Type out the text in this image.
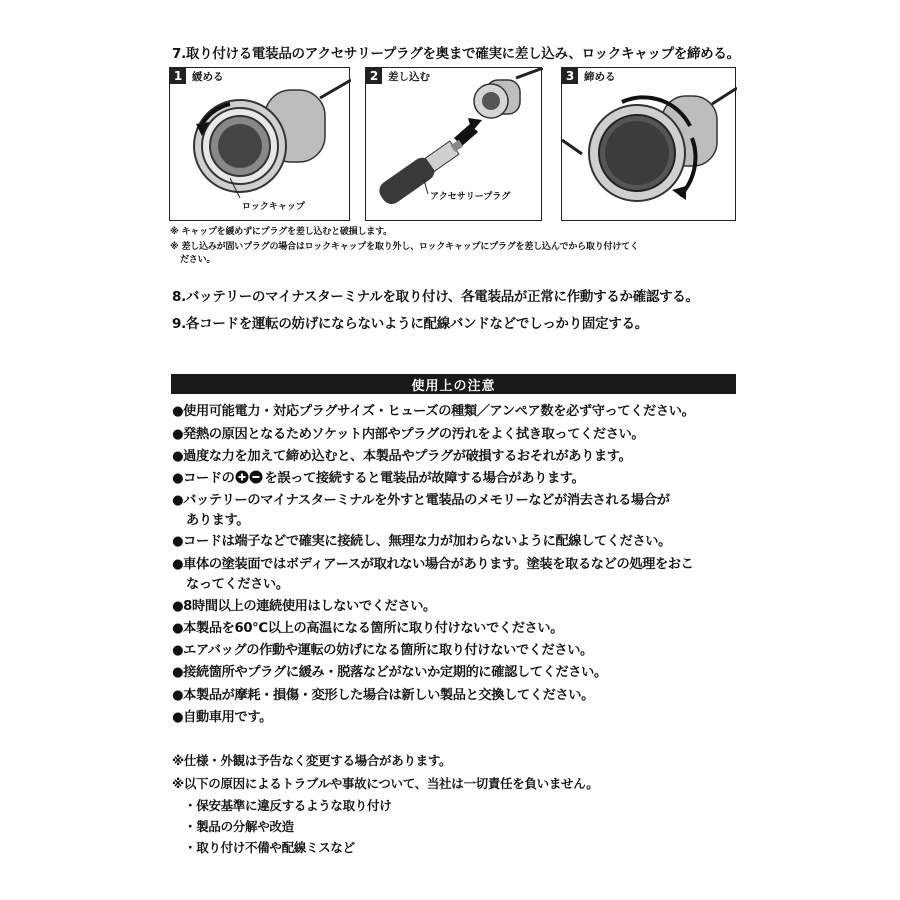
7.取り付ける電装品のアクセサリープラグを奥まで確実に差し込み、ロックキャップを締める。
1 緩める
ロックキャップ
2 差し込む
アクセサリープラグ
3 締める
※ キャップを緩めずにプラグを差し込むと破損します。
※ 差し込みが固いプラグの場合はロックキャップを取り外し、ロックキャップにプラグを差し込んでから取り付けてく
ださい。
8.バッテリーのマイナスターミナルを取り付け、各電装品が正常に作動するか確認する。
9.各コードを運転の妨げにならないように配線バンドなどでしっかり固定する。
使用上の注意
●使用可能電力・対応プラグサイズ・ヒューズの種類／アンペア数を必ず守ってください。
●発熱の原因となるためソケット内部やプラグの汚れをよく拭き取ってください。
●過度な力を加えて締め込むと、本製品やプラグが破損するおそれがあります。
●コードの を誤って接続すると電装品が故障する場合があります。
●バッテリーのマイナスターミナルを外すと電装品のメモリーなどが消去される場合が
あります。
●コードは端子などで確実に接続し、無理な力が加わらないように配線してください。
●車体の塗装面ではボディアースが取れない場合があります。塗装を取るなどの処理をおこ
なってください。
●8時間以上の連続使用はしないでください。
●本製品を60℃以上の高温になる箇所に取り付けないでください。
●エアバッグの作動や運転の妨げになる箇所に取り付けないでください。
●接続箇所やプラグに緩み・脱落などがないか定期的に確認してください。
●本製品が摩耗・損傷・変形した場合は新しい製品と交換してください。
●自動車用です。
※仕様・外観は予告なく変更する場合があります。
※以下の原因によるトラブルや事故について、当社は一切責任を負いません。
・保安基準に違反するような取り付け
・製品の分解や改造
・取り付け不備や配線ミスなど
